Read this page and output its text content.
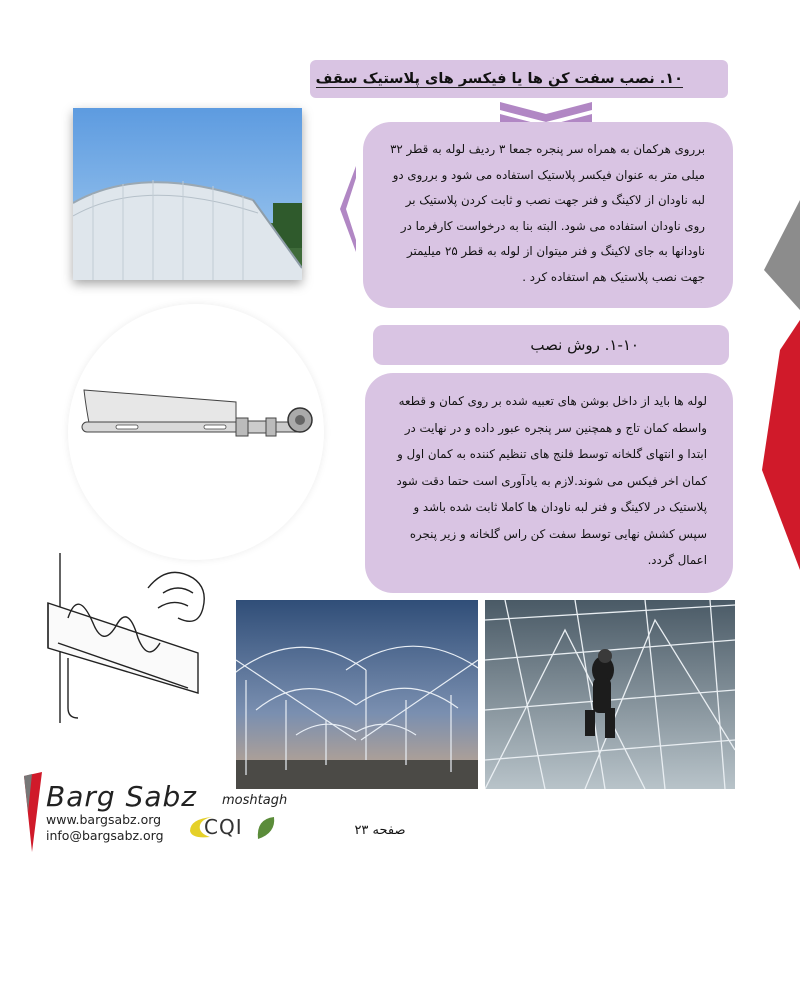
۱۰. نصب سفت کن ها یا فیکسر های پلاستیک سقف
برروی هرکمان به همراه سر پنجره جمعا ۳ ردیف لوله به قطر ۳۲ میلی متر به عنوان فیکسر پلاستیک استفاده می شود و برروی دو لبه ناودان از لاکینگ و فنر جهت نصب و ثابت کردن پلاستیک بر روی ناودان استفاده می شود. البته بنا به درخواست کارفرما در ناودانها به جای لاکینگ و فنر میتوان از لوله به قطر ۲۵ میلیمتر جهت نصب پلاستیک هم استفاده کرد .
۱-۱۰. روش نصب
لوله ها باید از داخل بوشن های تعبیه شده بر روی کمان و قطعه واسطه کمان تاج و همچنین سر پنجره عبور داده و در نهایت در ابتدا و انتهای گلخانه توسط فلنج های تنظیم کننده به کمان اول و کمان اخر فیکس می شوند.لازم به یادآوری است حتما دقت شود پلاستیک در لاکینگ و فنر لبه ناودان ها کاملا ثابت شده باشد و سپس کشش نهایی توسط سفت کن راس گلخانه و زیر پنجره اعمال گردد.
Barg Sabz moshtagh
www.bargsabz.org
info@bargsabz.org CQI	صفحه ۲۳
